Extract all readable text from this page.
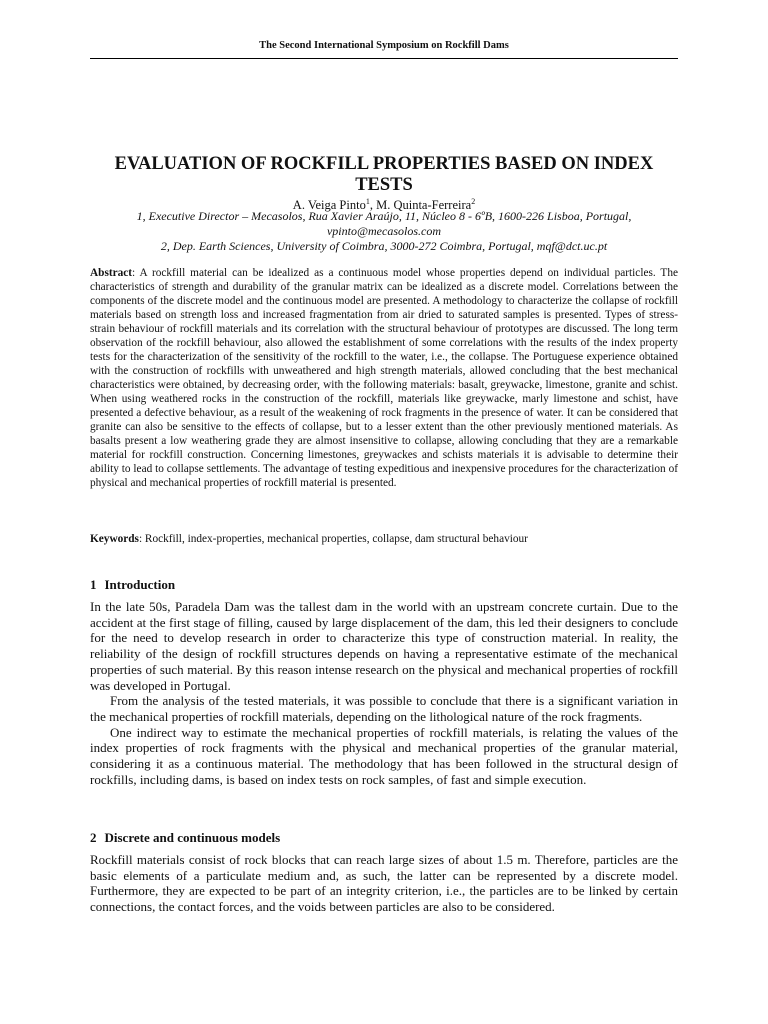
The Second International Symposium on Rockfill Dams
EVALUATION OF ROCKFILL PROPERTIES BASED ON INDEX
TESTS
A. Veiga Pinto$^1$, M. Quinta-Ferreira$^2$
1, Executive Director – Mecasolos, Rua Xavier Araújo, 11, Núcleo 8 - 6ºB, 1600-226 Lisboa, Portugal,
vpinto@mecasolos.com
2, Dep. Earth Sciences, University of Coimbra, 3000-272 Coimbra, Portugal, mqf@dct.uc.pt

Abstract: A rockfill material can be idealized as a continuous model whose properties depend on individual particles. The characteristics of strength and durability of the granular matrix can be idealized as a discrete model. Correlations between the components of the discrete model and the continuous model are presented. A methodology to characterize the collapse of rockfill materials based on strength loss and increased fragmentation from air dried to saturated samples is presented. Types of stress-strain behaviour of rockfill materials and its correlation with the structural behaviour of prototypes are discussed. The long term observation of the rockfill behaviour, also allowed the establishment of some correlations with the results of the index property tests for the characterization of the sensitivity of the rockfill to the water, i.e., the collapse. The Portuguese experience obtained with the construction of rockfills with unweathered and high strength materials, allowed concluding that the best mechanical characteristics were obtained, by decreasing order, with the following materials: basalt, greywacke, limestone, granite and schist. When using weathered rocks in the construction of the rockfill, materials like greywacke, marly limestone and schist, have presented a defective behaviour, as a result of the weakening of rock fragments in the presence of water. It can be considered that granite can also be sensitive to the effects of collapse, but to a lesser extent than the other previously mentioned materials. As basalts present a low weathering grade they are almost insensitive to collapse, allowing concluding that they are a remarkable material for rockfill construction. Concerning limestones, greywackes and schists materials it is advisable to determine their ability to lead to collapse settlements. The advantage of testing expeditious and inexpensive procedures for the characterization of physical and mechanical properties of rockfill material is presented.

Keywords: Rockfill, index-properties, mechanical properties, collapse, dam structural behaviour

1 Introduction

In the late 50s, Paradela Dam was the tallest dam in the world with an upstream concrete curtain. Due to the accident at the first stage of filling, caused by large displacement of the dam, this led their designers to conclude for the need to develop research in order to characterize this type of construction material. In reality, the reliability of the design of rockfill structures depends on having a representative estimate of the mechanical properties of such material. By this reason intense research on the physical and mechanical properties of rockfill was developed in Portugal.

From the analysis of the tested materials, it was possible to conclude that there is a significant variation in the mechanical properties of rockfill materials, depending on the lithological nature of the rock fragments.

One indirect way to estimate the mechanical properties of rockfill materials, is relating the values of the index properties of rock fragments with the physical and mechanical properties of the granular material, considering it as a continuous material. The methodology that has been followed in the structural design of rockfills, including dams, is based on index tests on rock samples, of fast and simple execution.

2 Discrete and continuous models

Rockfill materials consist of rock blocks that can reach large sizes of about 1.5 m. Therefore, particles are the basic elements of a particulate medium and, as such, the latter can be represented by a discrete model. Furthermore, they are expected to be part of an integrity criterion, i.e., the particles are to be linked by certain connections, the contact forces, and the voids between particles are also to be considered.
